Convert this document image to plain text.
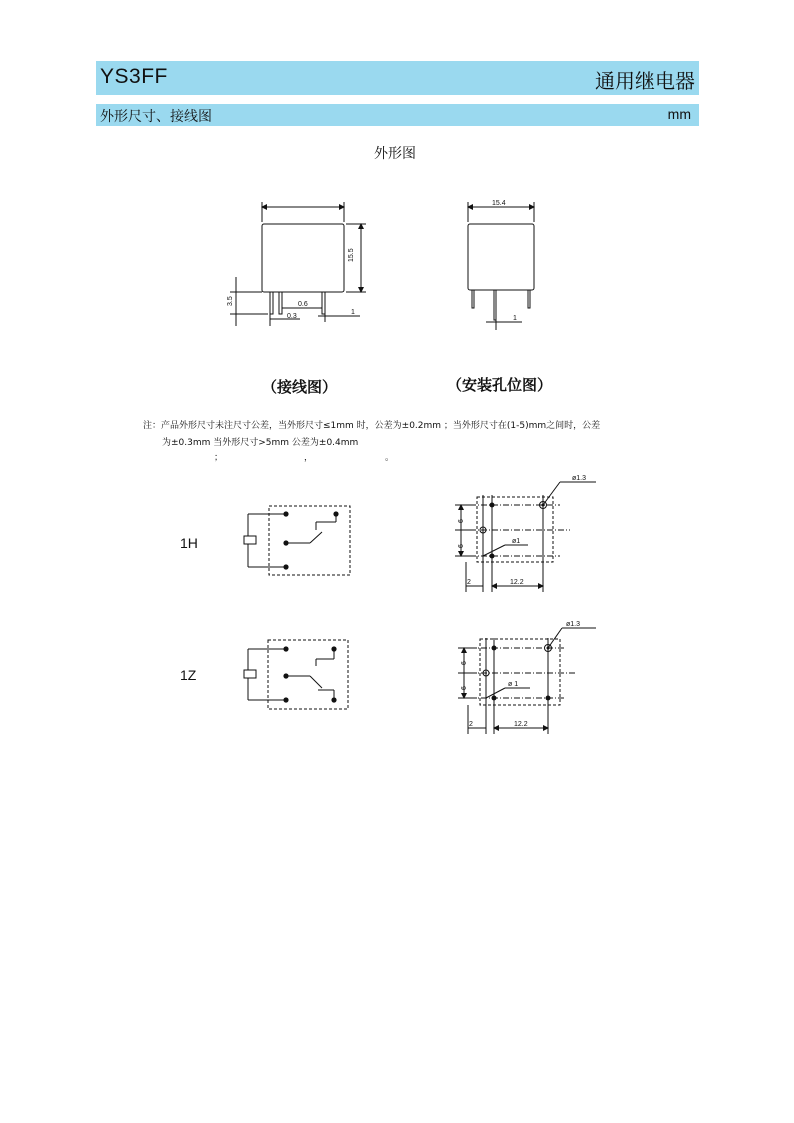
YS3FF	通用继电器
外形尺寸、接线图	mm
外形图
（接线图）	（安装孔位图）
注：产品外形尺寸未注尺寸公差，当外形尺寸≤1mm 时，公差为±0.2mm ；当外形尺寸在(1-5)mm之间时，公差
为±0.3mm 当外形尺寸>5mm 公差为±0.4mm
；	，	。
1H
1Z
15.5
3.5	0.6
0.3
1
15.4
1
ø1.3
ø1
6
6
2	12.2
ø1.3
ø 1
6
6
2	12.2
